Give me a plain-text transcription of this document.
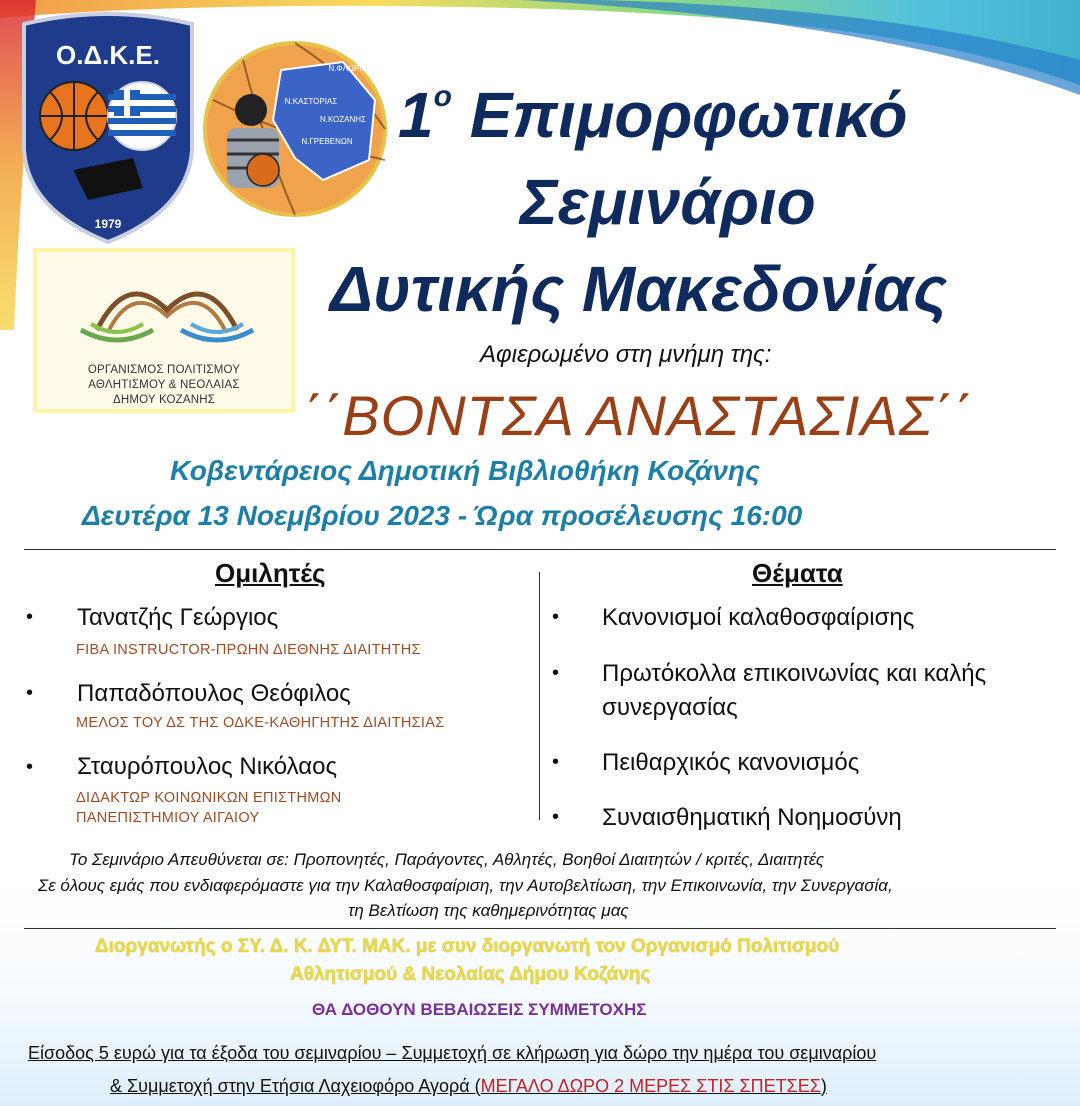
Ο.Δ.Κ.Ε.
1979
Ν.ΦΛΩΡΙΝΑΣ
Ν.ΚΑΣΤΟΡΙΑΣ
Ν.ΚΟΖΑΝΗΣ
Ν.ΓΡΕΒΕΝΩΝ
ΟΡΓΑΝΙΣΜΟΣ ΠΟΛΙΤΙΣΜΟΥ
ΑΘΛΗΤΙΣΜΟΥ & ΝΕΟΛΑΙΑΣ
ΔΗΜΟΥ ΚΟΖΑΝΗΣ
$1^o$ Επιμορφωτικό
Σεμινάριο
Δυτικής Μακεδονίας
Αφιερωμένο στη μνήμη της:
΄΄ΒΟΝΤΣΑ ΑΝΑΣΤΑΣΙΑΣ΄΄
Κοβεντάρειος Δημοτική Βιβλιοθήκη Κοζάνης
Δευτέρα 13 Νοεμβρίου 2023 - Ώρα προσέλευσης 16:00
Ομιλητές
• Τανατζής Γεώργιος
FIBA INSTRUCTOR-ΠΡΩΗΝ ΔΙΕΘΝΗΣ ΔΙΑΙΤΗΤΗΣ
• Παπαδόπουλος Θεόφιλος
ΜΕΛΟΣ ΤΟΥ ΔΣ ΤΗΣ ΟΔΚΕ-ΚΑΘΗΓΗΤΗΣ ΔΙΑΙΤΗΣΙΑΣ
• Σταυρόπουλος Νικόλαος
ΔΙΔΑΚΤΩΡ ΚΟΙΝΩΝΙΚΩΝ ΕΠΙΣΤΗΜΩΝ
ΠΑΝΕΠΙΣΤΗΜΙΟΥ ΑΙΓΑΙΟΥ
Θέματα
• Κανονισμοί καλαθοσφαίρισης
• Πρωτόκολλα επικοινωνίας και καλής
συνεργασίας
• Πειθαρχικός κανονισμός
• Συναισθηματική Νοημοσύνη
Το Σεμινάριο Απευθύνεται σε: Προπονητές, Παράγοντες, Αθλητές, Βοηθοί Διαιτητών / κριτές, Διαιτητές
Σε όλους εμάς που ενδιαφερόμαστε για την Καλαθοσφαίριση, την Αυτοβελτίωση, την Επικοινωνία, την Συνεργασία,
τη Βελτίωση της καθημερινότητας μας
Διοργανωτής ο ΣΥ. Δ. Κ. ΔΥΤ. ΜΑΚ. με συν διοργανωτή τον Οργανισμό Πολιτισμού
Αθλητισμού & Νεολαίας Δήμου Κοζάνης
ΘΑ ΔΟΘΟΥΝ ΒΕΒΑΙΩΣΕΙΣ ΣΥΜΜΕΤΟΧΗΣ
Είσοδος 5 ευρώ για τα έξοδα του σεμιναρίου – Συμμετοχή σε κλήρωση για δώρο την ημέρα του σεμιναρίου
& Συμμετοχή στην Ετήσια Λαχειοφόρο Αγορά (ΜΕΓΑΛΟ ΔΩΡΟ 2 ΜΕΡΕΣ ΣΤΙΣ ΣΠΕΤΣΕΣ)
